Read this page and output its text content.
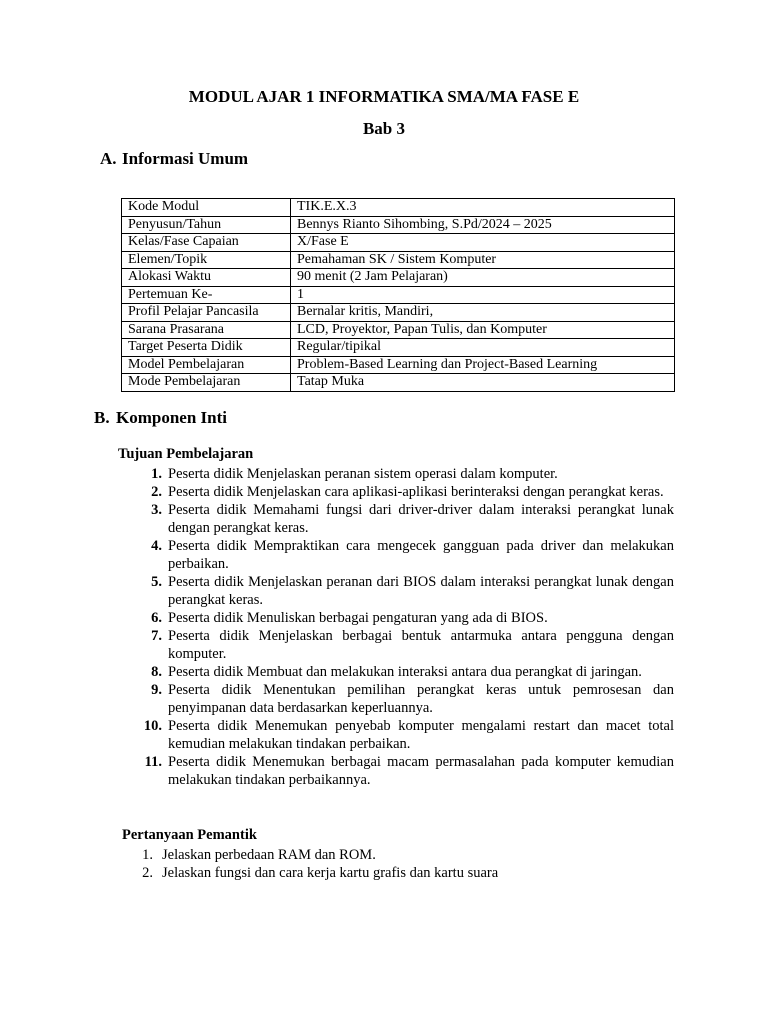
MODUL AJAR 1 INFORMATIKA SMA/MA FASE E
Bab 3
A. Informasi Umum
Kode Modul	TIK.E.X.3
Penyusun/Tahun	Bennys Rianto Sihombing, S.Pd/2024 – 2025
Kelas/Fase Capaian	X/Fase E
Elemen/Topik	Pemahaman SK / Sistem Komputer
Alokasi Waktu	90 menit (2 Jam Pelajaran)
Pertemuan Ke-	1
Profil Pelajar Pancasila	Bernalar kritis, Mandiri,
Sarana Prasarana	LCD, Proyektor, Papan Tulis, dan Komputer
Target Peserta Didik	Regular/tipikal
Model Pembelajaran	Problem-Based Learning dan Project-Based Learning
Mode Pembelajaran	Tatap Muka
B. Komponen Inti
Tujuan Pembelajaran
1. Peserta didik Menjelaskan peranan sistem operasi dalam komputer.
2. Peserta didik Menjelaskan cara aplikasi-aplikasi berinteraksi dengan perangkat keras.
3. Peserta didik Memahami fungsi dari driver-driver dalam interaksi perangkat lunak dengan perangkat keras.
4. Peserta didik Mempraktikan cara mengecek gangguan pada driver dan melakukan perbaikan.
5. Peserta didik Menjelaskan peranan dari BIOS dalam interaksi perangkat lunak dengan perangkat keras.
6. Peserta didik Menuliskan berbagai pengaturan yang ada di BIOS.
7. Peserta didik Menjelaskan berbagai bentuk antarmuka antara pengguna dengan komputer.
8. Peserta didik Membuat dan melakukan interaksi antara dua perangkat di jaringan.
9. Peserta didik Menentukan pemilihan perangkat keras untuk pemrosesan dan penyimpanan data berdasarkan keperluannya.
10. Peserta didik Menemukan penyebab komputer mengalami restart dan macet total kemudian melakukan tindakan perbaikan.
11. Peserta didik Menemukan berbagai macam permasalahan pada komputer kemudian melakukan tindakan perbaikannya.
Pertanyaan Pemantik
1. Jelaskan perbedaan RAM dan ROM.
2. Jelaskan fungsi dan cara kerja kartu grafis dan kartu suara
